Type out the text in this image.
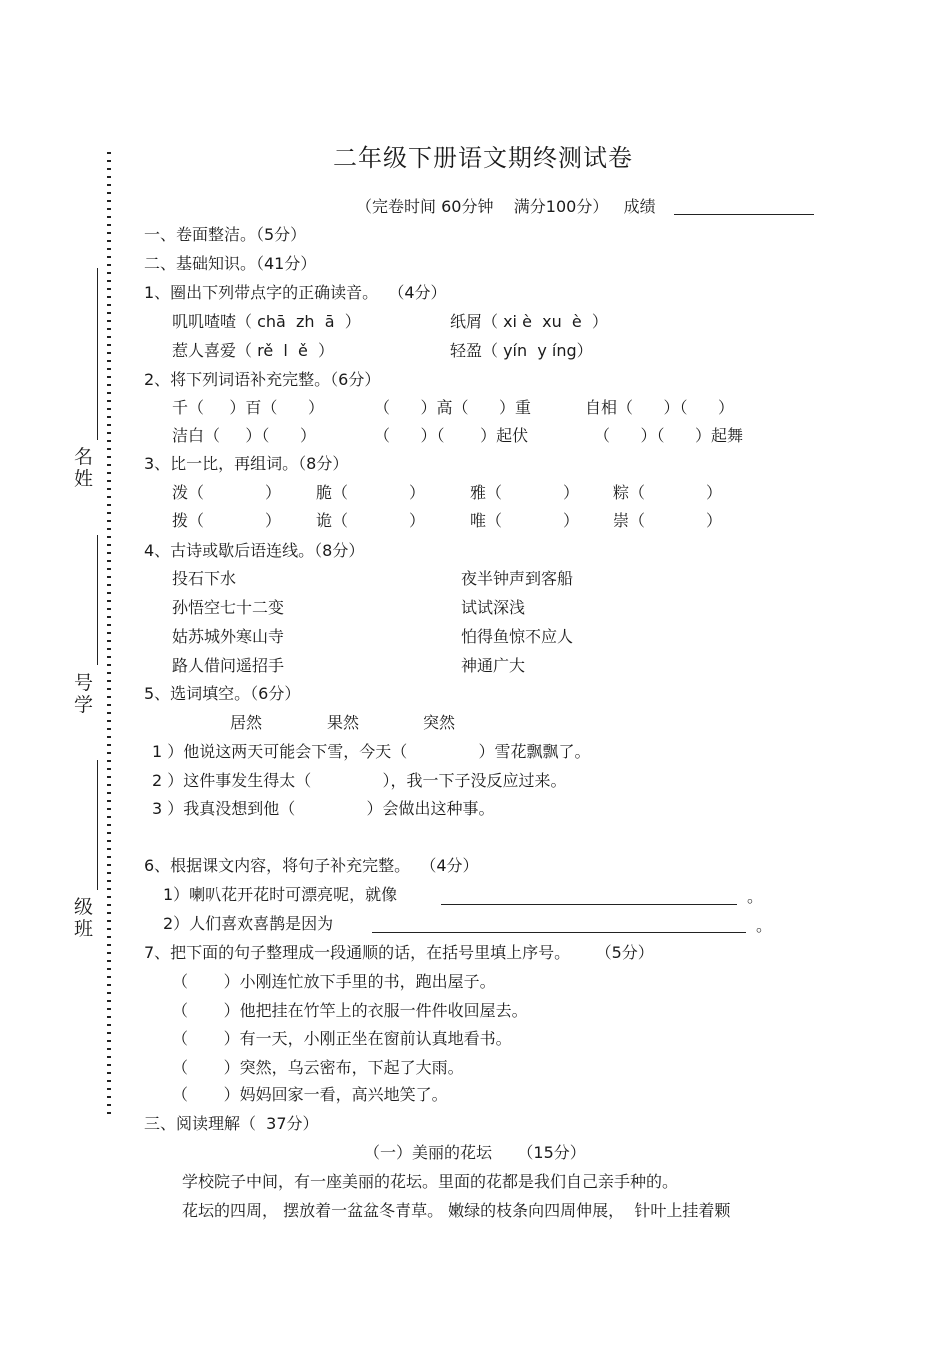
名
姓
号
学
级
班
二年级下册语文期终测试卷
（完卷时间 60分钟    满分100分）   成绩
一、卷面整洁。（5分）
二、基础知识。（41分）
1、圈出下列带点字的正确读音。  （4分）
叽叽喳喳（ chā  zh  ā  ）	纸屑（ xi è  xu  è  ）
惹人喜爱（ rě  l  ě  ）	轻盈（ yín  y íng）
2、将下列词语补充完整。（6分）
千（     ）百（      ）	（      ）高（      ）重	自相（      ）（      ）
洁白（     ）（      ）	（      ）（       ）起伏	（      ）（      ）起舞
3、比一比，再组词。（8分）
泼（            ） 脆（            ）	雅（            ） 粽（            ）
拨（            ） 诡（            ）	唯（            ） 崇（            ）
4、古诗或歇后语连线。（8分）
投石下水	夜半钟声到客船
孙悟空七十二变	试试深浅
姑苏城外寒山寺	怕得鱼惊不应人
路人借问遥招手	神通广大
5、选词填空。（6分）
居然	果然	突然
1 ）他说这两天可能会下雪，今天（              ）雪花飘飘了。
2 ）这件事发生得太（              ），我一下子没反应过来。
3 ）我真没想到他（              ）会做出这种事。
6、根据课文内容，将句子补充完整。  （4分）
1）喇叭花开花时可漂亮呢，就像	。
2）人们喜欢喜鹊是因为	。
7、把下面的句子整理成一段通顺的话，在括号里填上序号。     （5分）
（       ）小刚连忙放下手里的书，跑出屋子。
（       ）他把挂在竹竿上的衣服一件件收回屋去。
（       ）有一天，小刚正坐在窗前认真地看书。
（       ）突然，乌云密布，下起了大雨。
（       ）妈妈回家一看，高兴地笑了。
三、阅读理解（  37分）
（一）美丽的花坛     （15分）
学校院子中间，有一座美丽的花坛。里面的花都是我们自己亲手种的。
花坛的四周， 摆放着一盆盆冬青草。 嫩绿的枝条向四周伸展，  针叶上挂着颗
